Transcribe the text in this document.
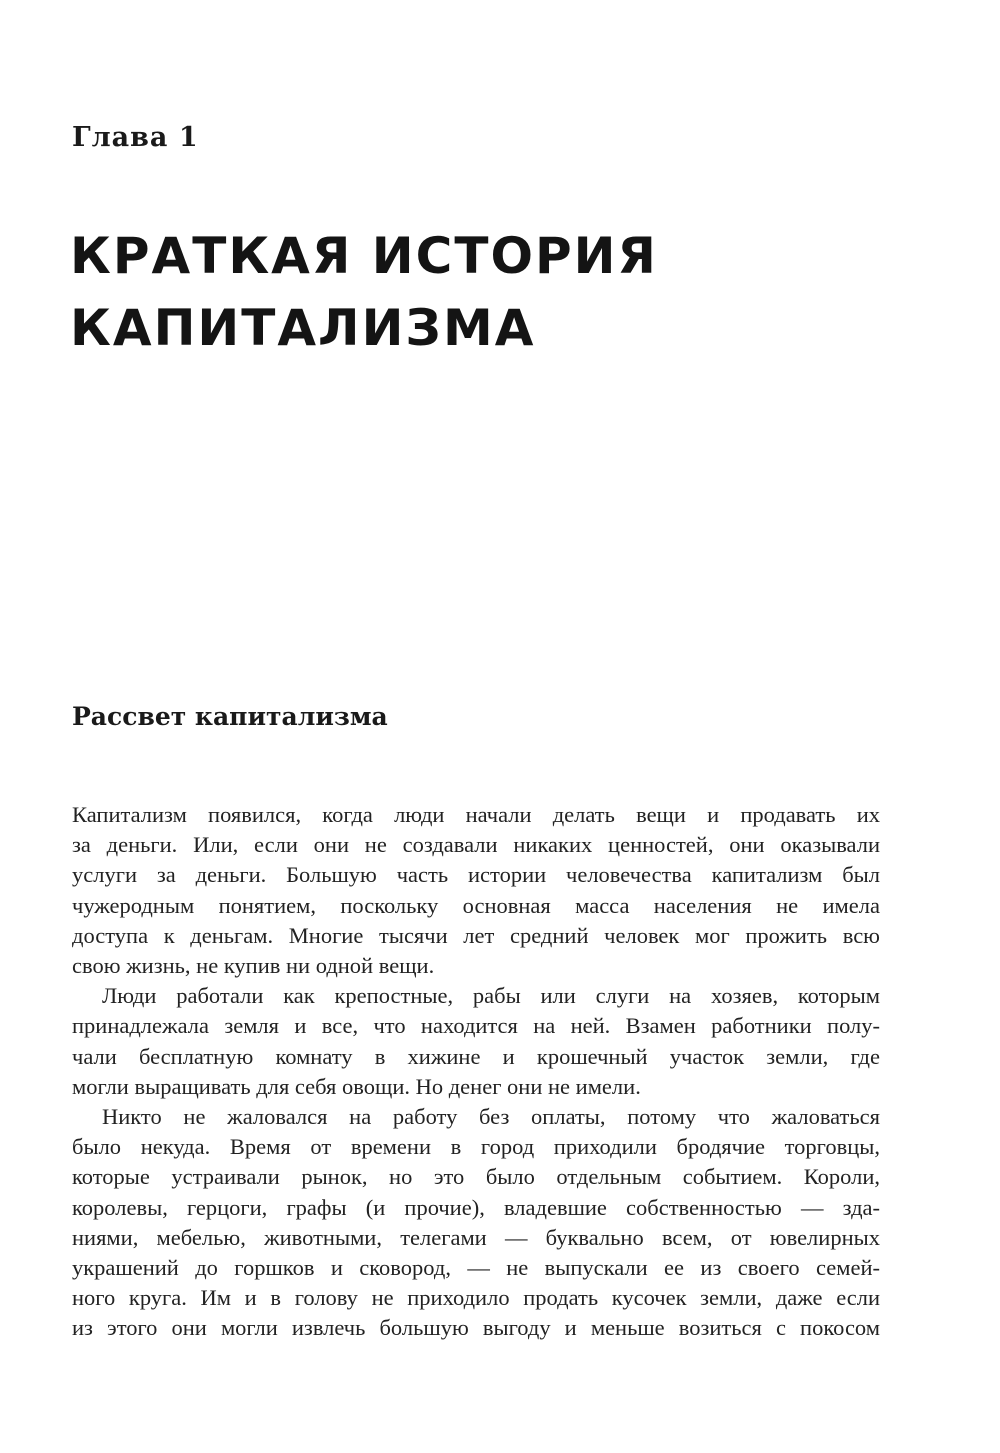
Глава 1
КРАТКАЯ ИСТОРИЯ
КАПИТАЛИЗМА
Рассвет капитализма
Капитализм появился, когда люди начали делать вещи и продавать их
за деньги. Или, если они не создавали никаких ценностей, они оказывали
услуги за деньги. Большую часть истории человечества капитализм был
чужеродным понятием, поскольку основная масса населения не имела
доступа к деньгам. Многие тысячи лет средний человек мог прожить всю
свою жизнь, не купив ни одной вещи.
Люди работали как крепостные, рабы или слуги на хозяев, которым
принадлежала земля и все, что находится на ней. Взамен работники полу-
чали бесплатную комнату в хижине и крошечный участок земли, где
могли выращивать для себя овощи. Но денег они не имели.
Никто не жаловался на работу без оплаты, потому что жаловаться
было некуда. Время от времени в город приходили бродячие торговцы,
которые устраивали рынок, но это было отдельным событием. Короли,
королевы, герцоги, графы (и прочие), владевшие собственностью — зда-
ниями, мебелью, животными, телегами — буквально всем, от ювелирных
украшений до горшков и сковород, — не выпускали ее из своего семей-
ного круга. Им и в голову не приходило продать кусочек земли, даже если
из этого они могли извлечь большую выгоду и меньше возиться с покосом
